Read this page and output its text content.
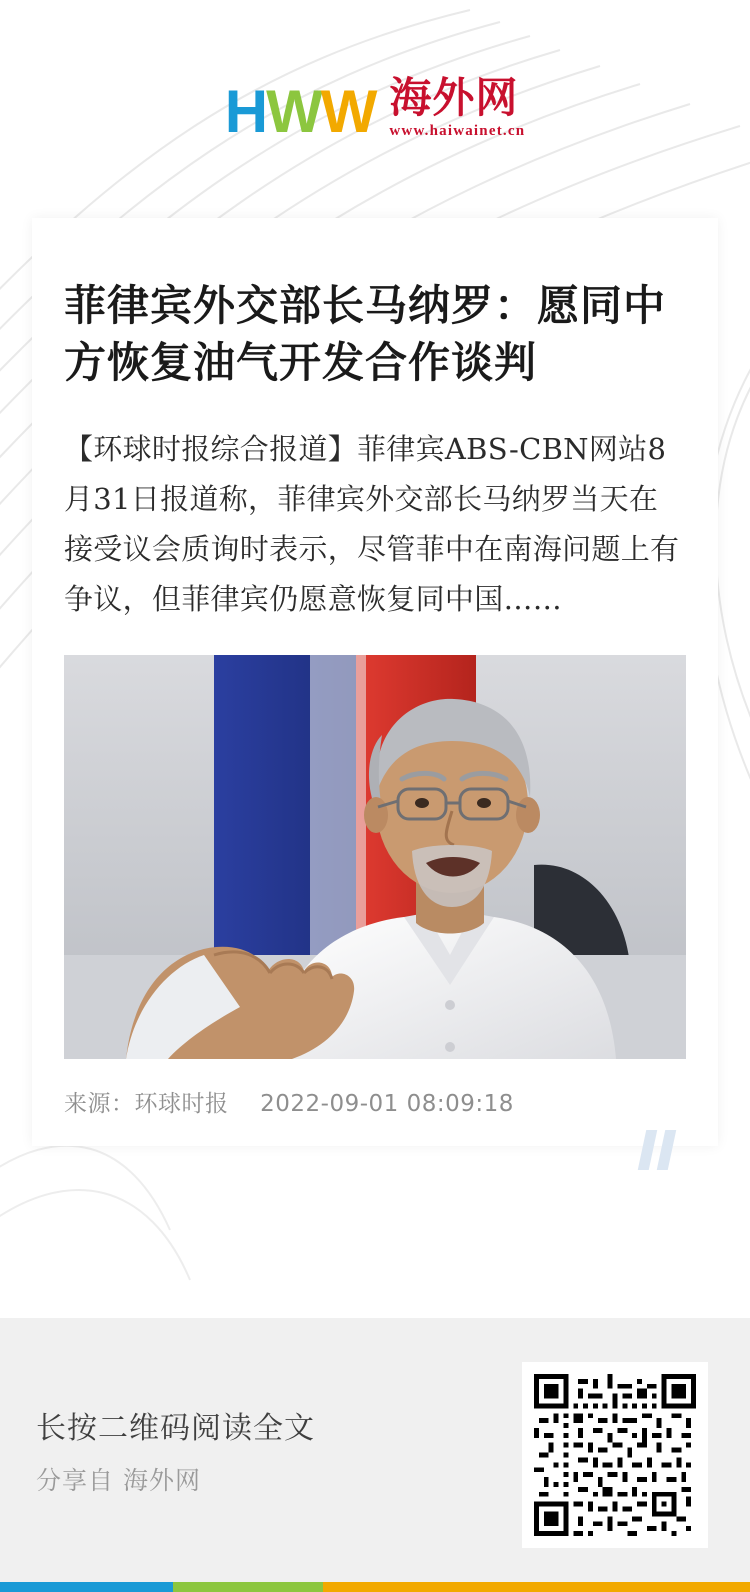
H W W 海外网
www.haiwainet.cn
菲律宾外交部长马纳罗：愿同中方恢复油气开发合作谈判

【环球时报综合报道】菲律宾ABS-CBN网站8月31日报道称，菲律宾外交部长马纳罗当天在接受议会质询时表示，尽管菲中在南海问题上有争议，但菲律宾仍愿意恢复同中国……

来源：环球时报 2022-09-01 08:09:18
长按二维码阅读全文
分享自 海外网
